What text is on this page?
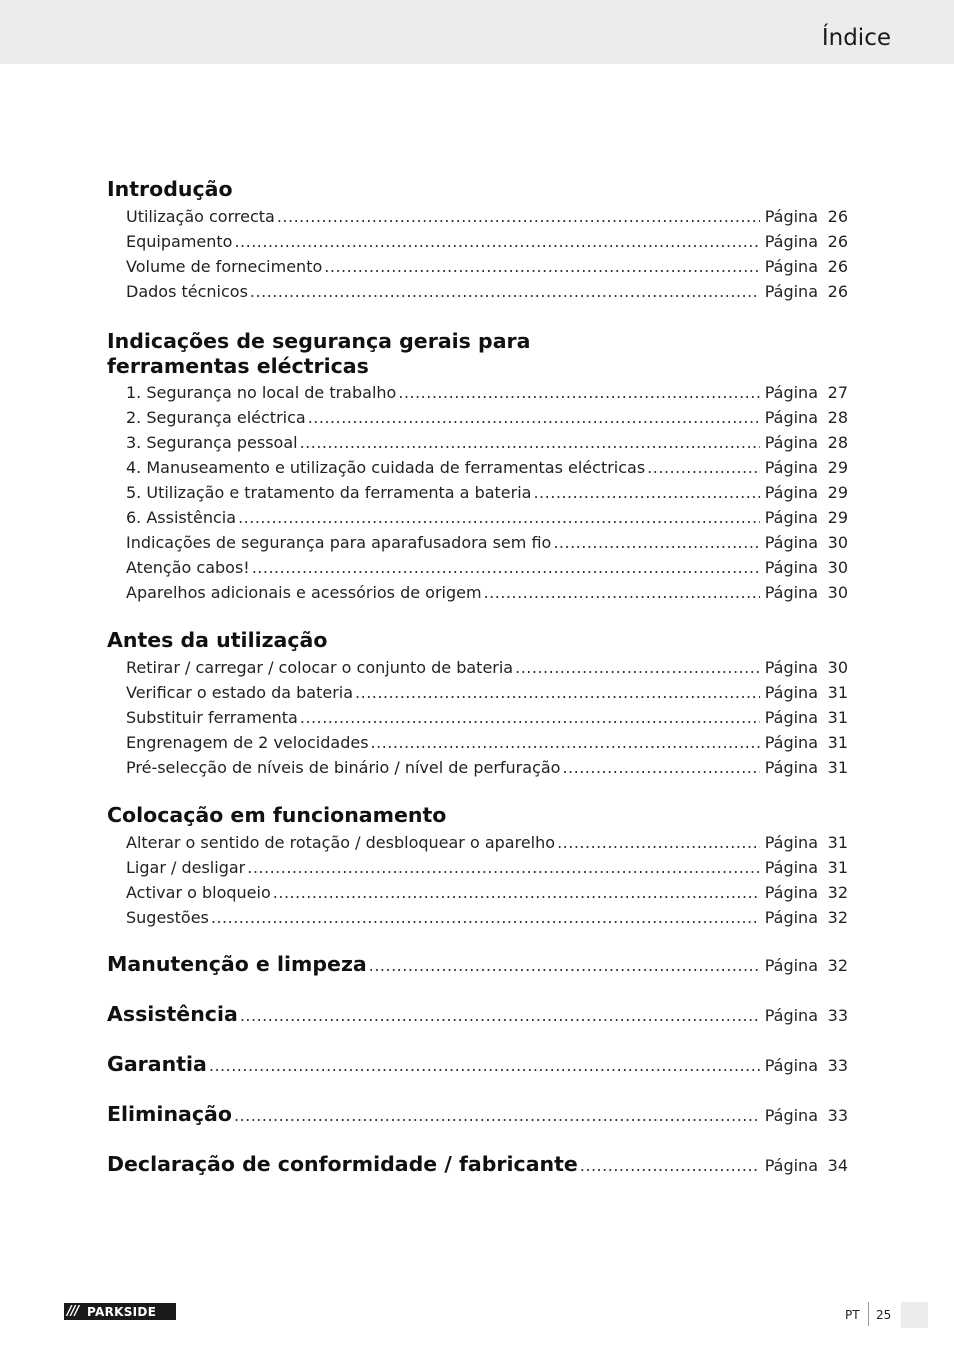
Índice
Introdução
Utilização correcta .....	Página 26
Equipamento .....	Página 26
Volume de fornecimento .....	Página 26
Dados técnicos .....	Página 26
Indicações de segurança gerais para
ferramentas eléctricas
1. Segurança no local de trabalho .....	Página 27
2. Segurança eléctrica .....	Página 28
3. Segurança pessoal .....	Página 28
4. Manuseamento e utilização cuidada de ferramentas eléctricas .....	Página 29
5. Utilização e tratamento da ferramenta a bateria .....	Página 29
6. Assistência .....	Página 29
Indicações de segurança para aparafusadora sem fio .....	Página 30
Atenção cabos! .....	Página 30
Aparelhos adicionais e acessórios de origem .....	Página 30
Antes da utilização
Retirar / carregar / colocar o conjunto de bateria .....	Página 30
Verificar o estado da bateria .....	Página 31
Substituir ferramenta .....	Página 31
Engrenagem de 2 velocidades .....	Página 31
Pré-selecção de níveis de binário / nível de perfuração .....	Página 31
Colocação em funcionamento
Alterar o sentido de rotação / desbloquear o aparelho .....	Página 31
Ligar / desligar .....	Página 31
Activar o bloqueio .....	Página 32
Sugestões .....	Página 32
Manutenção e limpeza .....	Página 32
Assistência .....	Página 33
Garantia .....	Página 33
Eliminação .....	Página 33
Declaração de conformidade / fabricante .....	Página 34
/// PARKSIDE	PT 25
